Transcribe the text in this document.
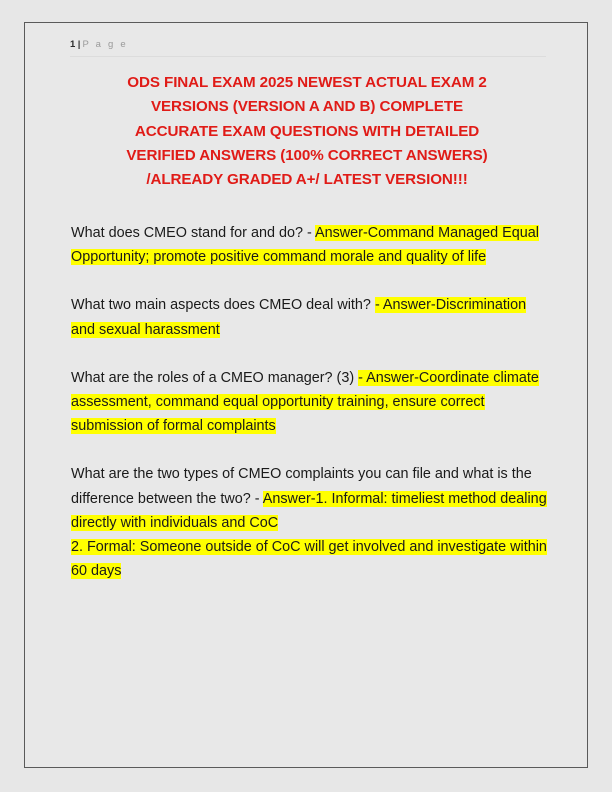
1 | P a g e
ODS FINAL EXAM 2025 NEWEST ACTUAL EXAM 2
VERSIONS (VERSION A AND B) COMPLETE
ACCURATE EXAM QUESTIONS WITH DETAILED
VERIFIED ANSWERS (100% CORRECT ANSWERS)
/ALREADY GRADED A+/ LATEST VERSION!!!

What does CMEO stand for and do? - Answer-Command Managed Equal Opportunity; promote positive command morale and quality of life

What two main aspects does CMEO deal with? - Answer-Discrimination and sexual harassment

What are the roles of a CMEO manager? (3) - Answer-Coordinate climate assessment, command equal opportunity training, ensure correct submission of formal complaints

What are the two types of CMEO complaints you can file and what is the difference between the two? - Answer-1. Informal: timeliest method dealing directly with individuals and CoC

2. Formal: Someone outside of CoC will get involved and investigate within 60 days
